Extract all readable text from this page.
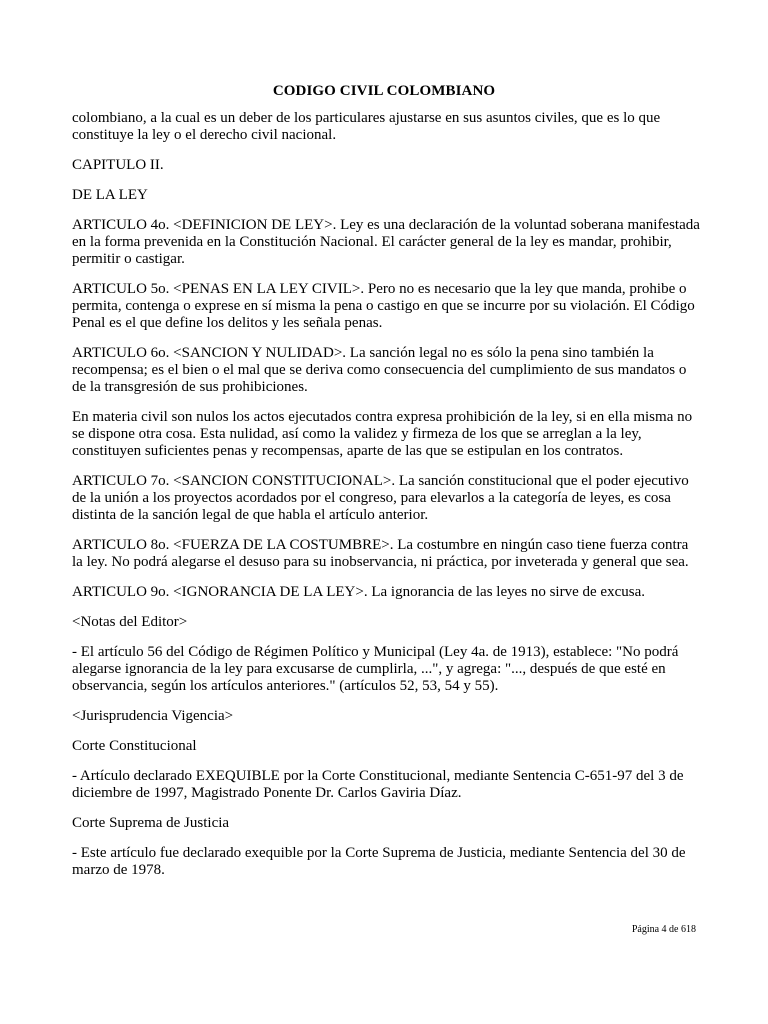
CODIGO CIVIL COLOMBIANO

colombiano, a la cual es un deber de los particulares ajustarse en sus asuntos civiles, que es lo que constituye la ley o el derecho civil nacional.

CAPITULO II.

DE LA LEY

ARTICULO 4o. <DEFINICION DE LEY>. Ley es una declaración de la voluntad soberana manifestada en la forma prevenida en la Constitución Nacional. El carácter general de la ley es mandar, prohibir, permitir o castigar.

ARTICULO 5o. <PENAS EN LA LEY CIVIL>. Pero no es necesario que la ley que manda, prohibe o permita, contenga o exprese en sí misma la pena o castigo en que se incurre por su violación. El Código Penal es el que define los delitos y les señala penas.

ARTICULO 6o. <SANCION Y NULIDAD>. La sanción legal no es sólo la pena sino también la recompensa; es el bien o el mal que se deriva como consecuencia del cumplimiento de sus mandatos o de la transgresión de sus prohibiciones.

En materia civil son nulos los actos ejecutados contra expresa prohibición de la ley, si en ella misma no se dispone otra cosa. Esta nulidad, así como la validez y firmeza de los que se arreglan a la ley, constituyen suficientes penas y recompensas, aparte de las que se estipulan en los contratos.

ARTICULO 7o. <SANCION CONSTITUCIONAL>. La sanción constitucional que el poder ejecutivo de la unión a los proyectos acordados por el congreso, para elevarlos a la categoría de leyes, es cosa distinta de la sanción legal de que habla el artículo anterior.

ARTICULO 8o. <FUERZA DE LA COSTUMBRE>. La costumbre en ningún caso tiene fuerza contra la ley. No podrá alegarse el desuso para su inobservancia, ni práctica, por inveterada y general que sea.

ARTICULO 9o. <IGNORANCIA DE LA LEY>. La ignorancia de las leyes no sirve de excusa.

<Notas del Editor>

- El artículo 56 del Código de Régimen Político y Municipal (Ley 4a. de 1913), establece: "No podrá alegarse ignorancia de la ley para excusarse de cumplirla, ...", y agrega: "..., después de que esté en observancia, según los artículos anteriores." (artículos 52, 53, 54 y 55).

<Jurisprudencia Vigencia>

Corte Constitucional

- Artículo declarado EXEQUIBLE por la Corte Constitucional, mediante Sentencia C-651-97 del 3 de diciembre de 1997, Magistrado Ponente Dr. Carlos Gaviria Díaz.

Corte Suprema de Justicia

- Este artículo fue declarado exequible por la Corte Suprema de Justicia, mediante Sentencia del 30 de marzo de 1978.

Página 4 de 618
